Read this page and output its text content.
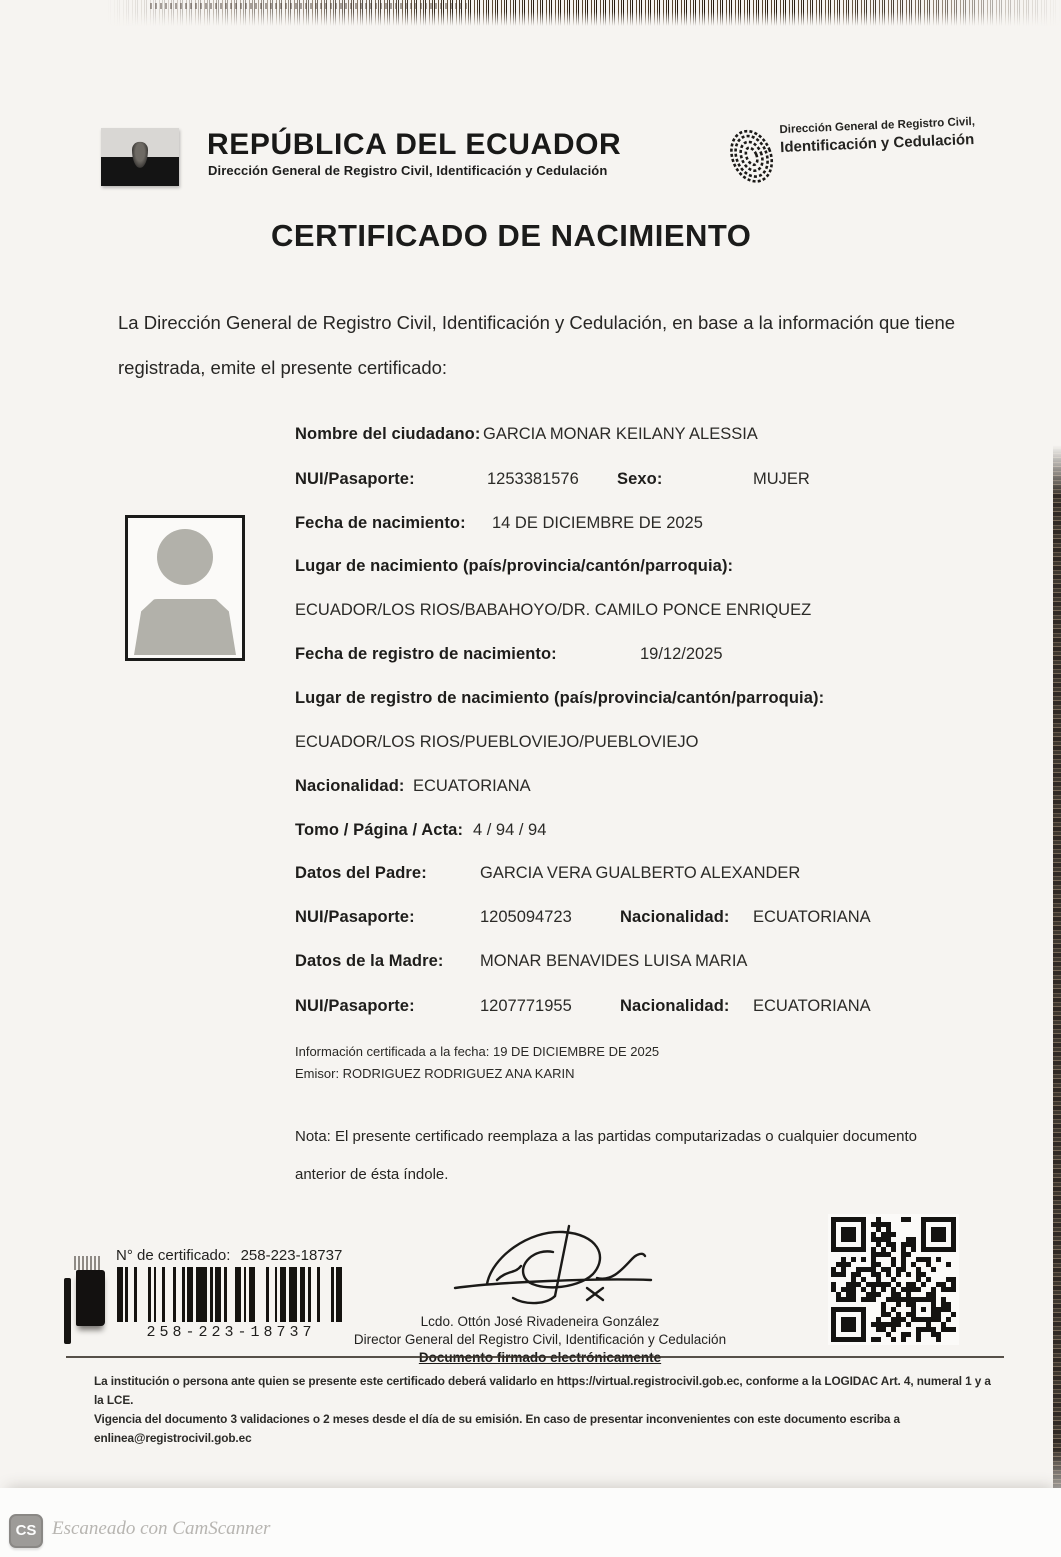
REPÚBLICA DEL ECUADOR
Dirección General de Registro Civil, Identificación y Cedulación
Dirección General de Registro Civil,
Identificación y Cedulación
CERTIFICADO DE NACIMIENTO

La Dirección General de Registro Civil, Identificación y Cedulación, en base a la información que tiene registrada, emite el presente certificado:

Nombre del ciudadano: GARCIA MONAR KEILANY ALESSIA
NUI/Pasaporte:	1253381576 Sexo:	MUJER
Fecha de nacimiento: 14 DE DICIEMBRE DE 2025
Lugar de nacimiento (país/provincia/cantón/parroquia):
ECUADOR/LOS RIOS/BABAHOYO/DR. CAMILO PONCE ENRIQUEZ
Fecha de registro de nacimiento:	19/12/2025
Lugar de registro de nacimiento (país/provincia/cantón/parroquia):
ECUADOR/LOS RIOS/PUEBLOVIEJO/PUEBLOVIEJO
Nacionalidad: ECUATORIANA
Tomo / Página / Acta: 4 / 94 / 94
Datos del Padre:	GARCIA VERA GUALBERTO ALEXANDER
NUI/Pasaporte:	1205094723	Nacionalidad: ECUATORIANA
Datos de la Madre: MONAR BENAVIDES LUISA MARIA
NUI/Pasaporte:	1207771955	Nacionalidad: ECUATORIANA
Información certificada a la fecha: 19 DE DICIEMBRE DE 2025
Emisor: RODRIGUEZ RODRIGUEZ ANA KARIN

Nota: El presente certificado reemplaza a las partidas computarizadas o cualquier documento anterior de ésta índole.

N° de certificado: 258-223-18737
258-223-18737
Lcdo. Ottón José Rivadeneira González
Director General del Registro Civil, Identificación y Cedulación
Documento firmado electrónicamente
La institución o persona ante quien se presente este certificado deberá validarlo en https://virtual.registrocivil.gob.ec, conforme a la LOGIDAC Art. 4, numeral 1 y a la LCE.
Vigencia del documento 3 validaciones o 2 meses desde el día de su emisión. En caso de presentar inconvenientes con este documento escriba a enlinea@registrocivil.gob.ec
CS Escaneado con CamScanner
